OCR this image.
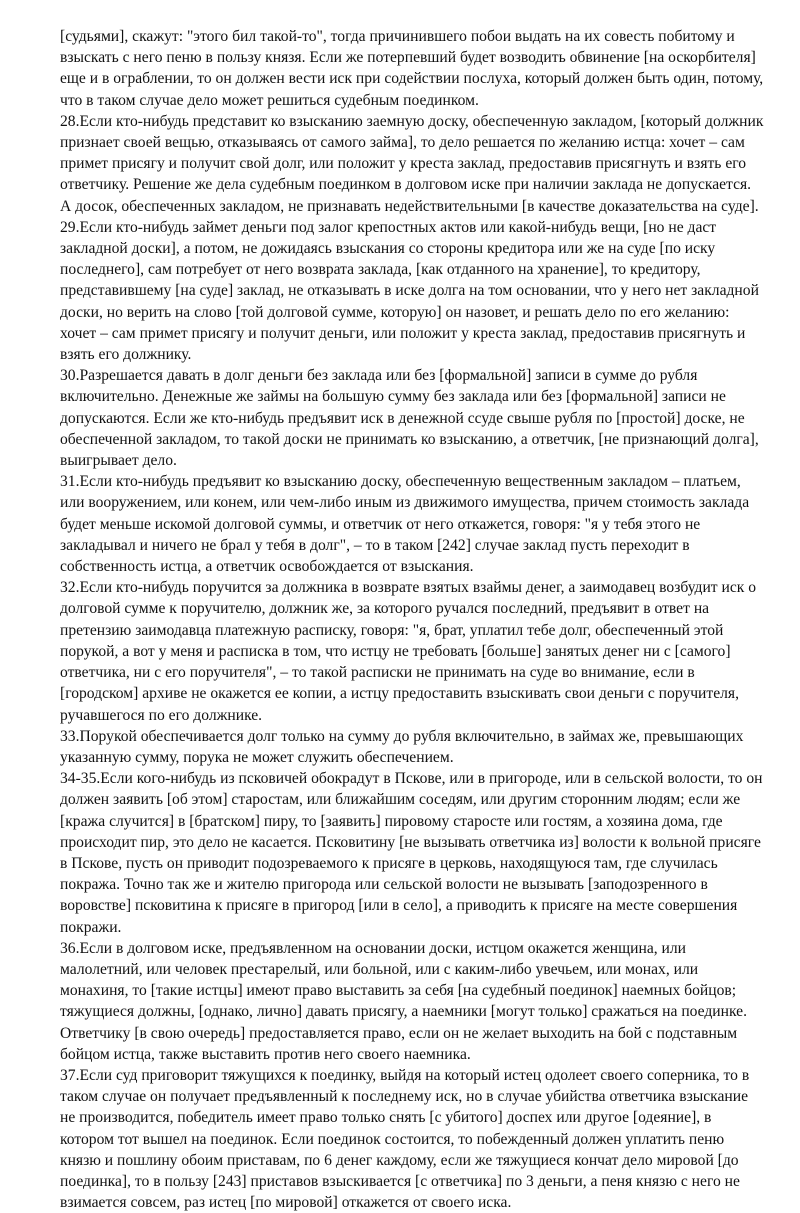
[судьями], скажут: "этого бил такой-то", тогда причинившего побои выдать на их совесть побитому и взыскать с него пеню в пользу князя. Если же потерпевший будет возводить обвинение [на оскорбителя] еще и в ограблении, то он должен вести иск при содействии послуха, который должен быть один, потому, что в таком случае дело может решиться судебным поединком.
28.Если кто-нибудь представит ко взысканию заемную доску, обеспеченную закладом, [который должник признает своей вещью, отказываясь от самого займа], то дело решается по желанию истца: хочет – сам примет присягу и получит свой долг, или положит у креста заклад, предоставив присягнуть и взять его ответчику. Решение же дела судебным поединком в долговом иске при наличии заклада не допускается. А досок, обеспеченных закладом, не признавать недействительными [в качестве доказательства на суде].
29.Если кто-нибудь займет деньги под залог крепостных актов или какой-нибудь вещи, [но не даст закладной доски], а потом, не дожидаясь взыскания со стороны кредитора или же на суде [по иску последнего], сам потребует от него возврата заклада, [как отданного на хранение], то кредитору, представившему [на суде] заклад, не отказывать в иске долга на том основании, что у него нет закладной доски, но верить на слово [той долговой сумме, которую] он назовет, и решать дело по его желанию: хочет – сам примет присягу и получит деньги, или положит у креста заклад, предоставив присягнуть и взять его должнику.
30.Разрешается давать в долг деньги без заклада или без [формальной] записи в сумме до рубля включительно. Денежные же займы на большую сумму без заклада или без [формальной] записи не допускаются. Если же кто-нибудь предъявит иск в денежной ссуде свыше рубля по [простой] доске, не обеспеченной закладом, то такой доски не принимать ко взысканию, а ответчик, [не признающий долга], выигрывает дело.
31.Если кто-нибудь предъявит ко взысканию доску, обеспеченную вещественным закладом – платьем, или вооружением, или конем, или чем-либо иным из движимого имущества, причем стоимость заклада будет меньше искомой долговой суммы, и ответчик от него откажется, говоря: "я у тебя этого не закладывал и ничего не брал у тебя в долг", – то в таком [242] случае заклад пусть переходит в собственность истца, а ответчик освобождается от взыскания.
32.Если кто-нибудь поручится за должника в возврате взятых взаймы денег, а заимодавец возбудит иск о долговой сумме к поручителю, должник же, за которого ручался последний, предъявит в ответ на претензию заимодавца платежную расписку, говоря: "я, брат, уплатил тебе долг, обеспеченный этой порукой, а вот у меня и расписка в том, что истцу не требовать [больше] занятых денег ни с [самого] ответчика, ни с его поручителя", – то такой расписки не принимать на суде во внимание, если в [городском] архиве не окажется ее копии, а истцу предоставить взыскивать свои деньги с поручителя, ручавшегося по его должнике.
33.Порукой обеспечивается долг только на сумму до рубля включительно, в займах же, превышающих указанную сумму, порука не может служить обеспечением.
34-35.Если кого-нибудь из псковичей обокрадут в Пскове, или в пригороде, или в сельской волости, то он должен заявить [об этом] старостам, или ближайшим соседям, или другим сторонним людям; если же [кража случится] в [братском] пиру, то [заявить] пировому старосте или гостям, а хозяина дома, где происходит пир, это дело не касается. Псковитину [не вызывать ответчика из] волости к вольной присяге в Пскове, пусть он приводит подозреваемого к присяге в церковь, находящуюся там, где случилась покража. Точно так же и жителю пригорода или сельской волости не вызывать [заподозренного в воровстве] псковитина к присяге в пригород [или в село], а приводить к присяге на месте совершения покражи.
36.Если в долговом иске, предъявленном на основании доски, истцом окажется женщина, или малолетний, или человек престарелый, или больной, или с каким-либо увечьем, или монах, или монахиня, то [такие истцы] имеют право выставить за себя [на судебный поединок] наемных бойцов; тяжущиеся должны, [однако, лично] давать присягу, а наемники [могут только] сражаться на поединке. Ответчику [в свою очередь] предоставляется право, если он не желает выходить на бой с подставным бойцом истца, также выставить против него своего наемника.
37.Если суд приговорит тяжущихся к поединку, выйдя на который истец одолеет своего соперника, то в таком случае он получает предъявленный к последнему иск, но в случае убийства ответчика взыскание не производится, победитель имеет право только снять [с убитого] доспех или другое [одеяние], в котором тот вышел на поединок. Если поединок состоится, то побежденный должен уплатить пеню князю и пошлину обоим приставам, по 6 денег каждому, если же тяжущиеся кончат дело мировой [до поединка], то в пользу [243] приставов взыскивается [с ответчика] по 3 деньги, а пеня князю с него не взимается совсем, раз истец [по мировой] откажется от своего иска.
